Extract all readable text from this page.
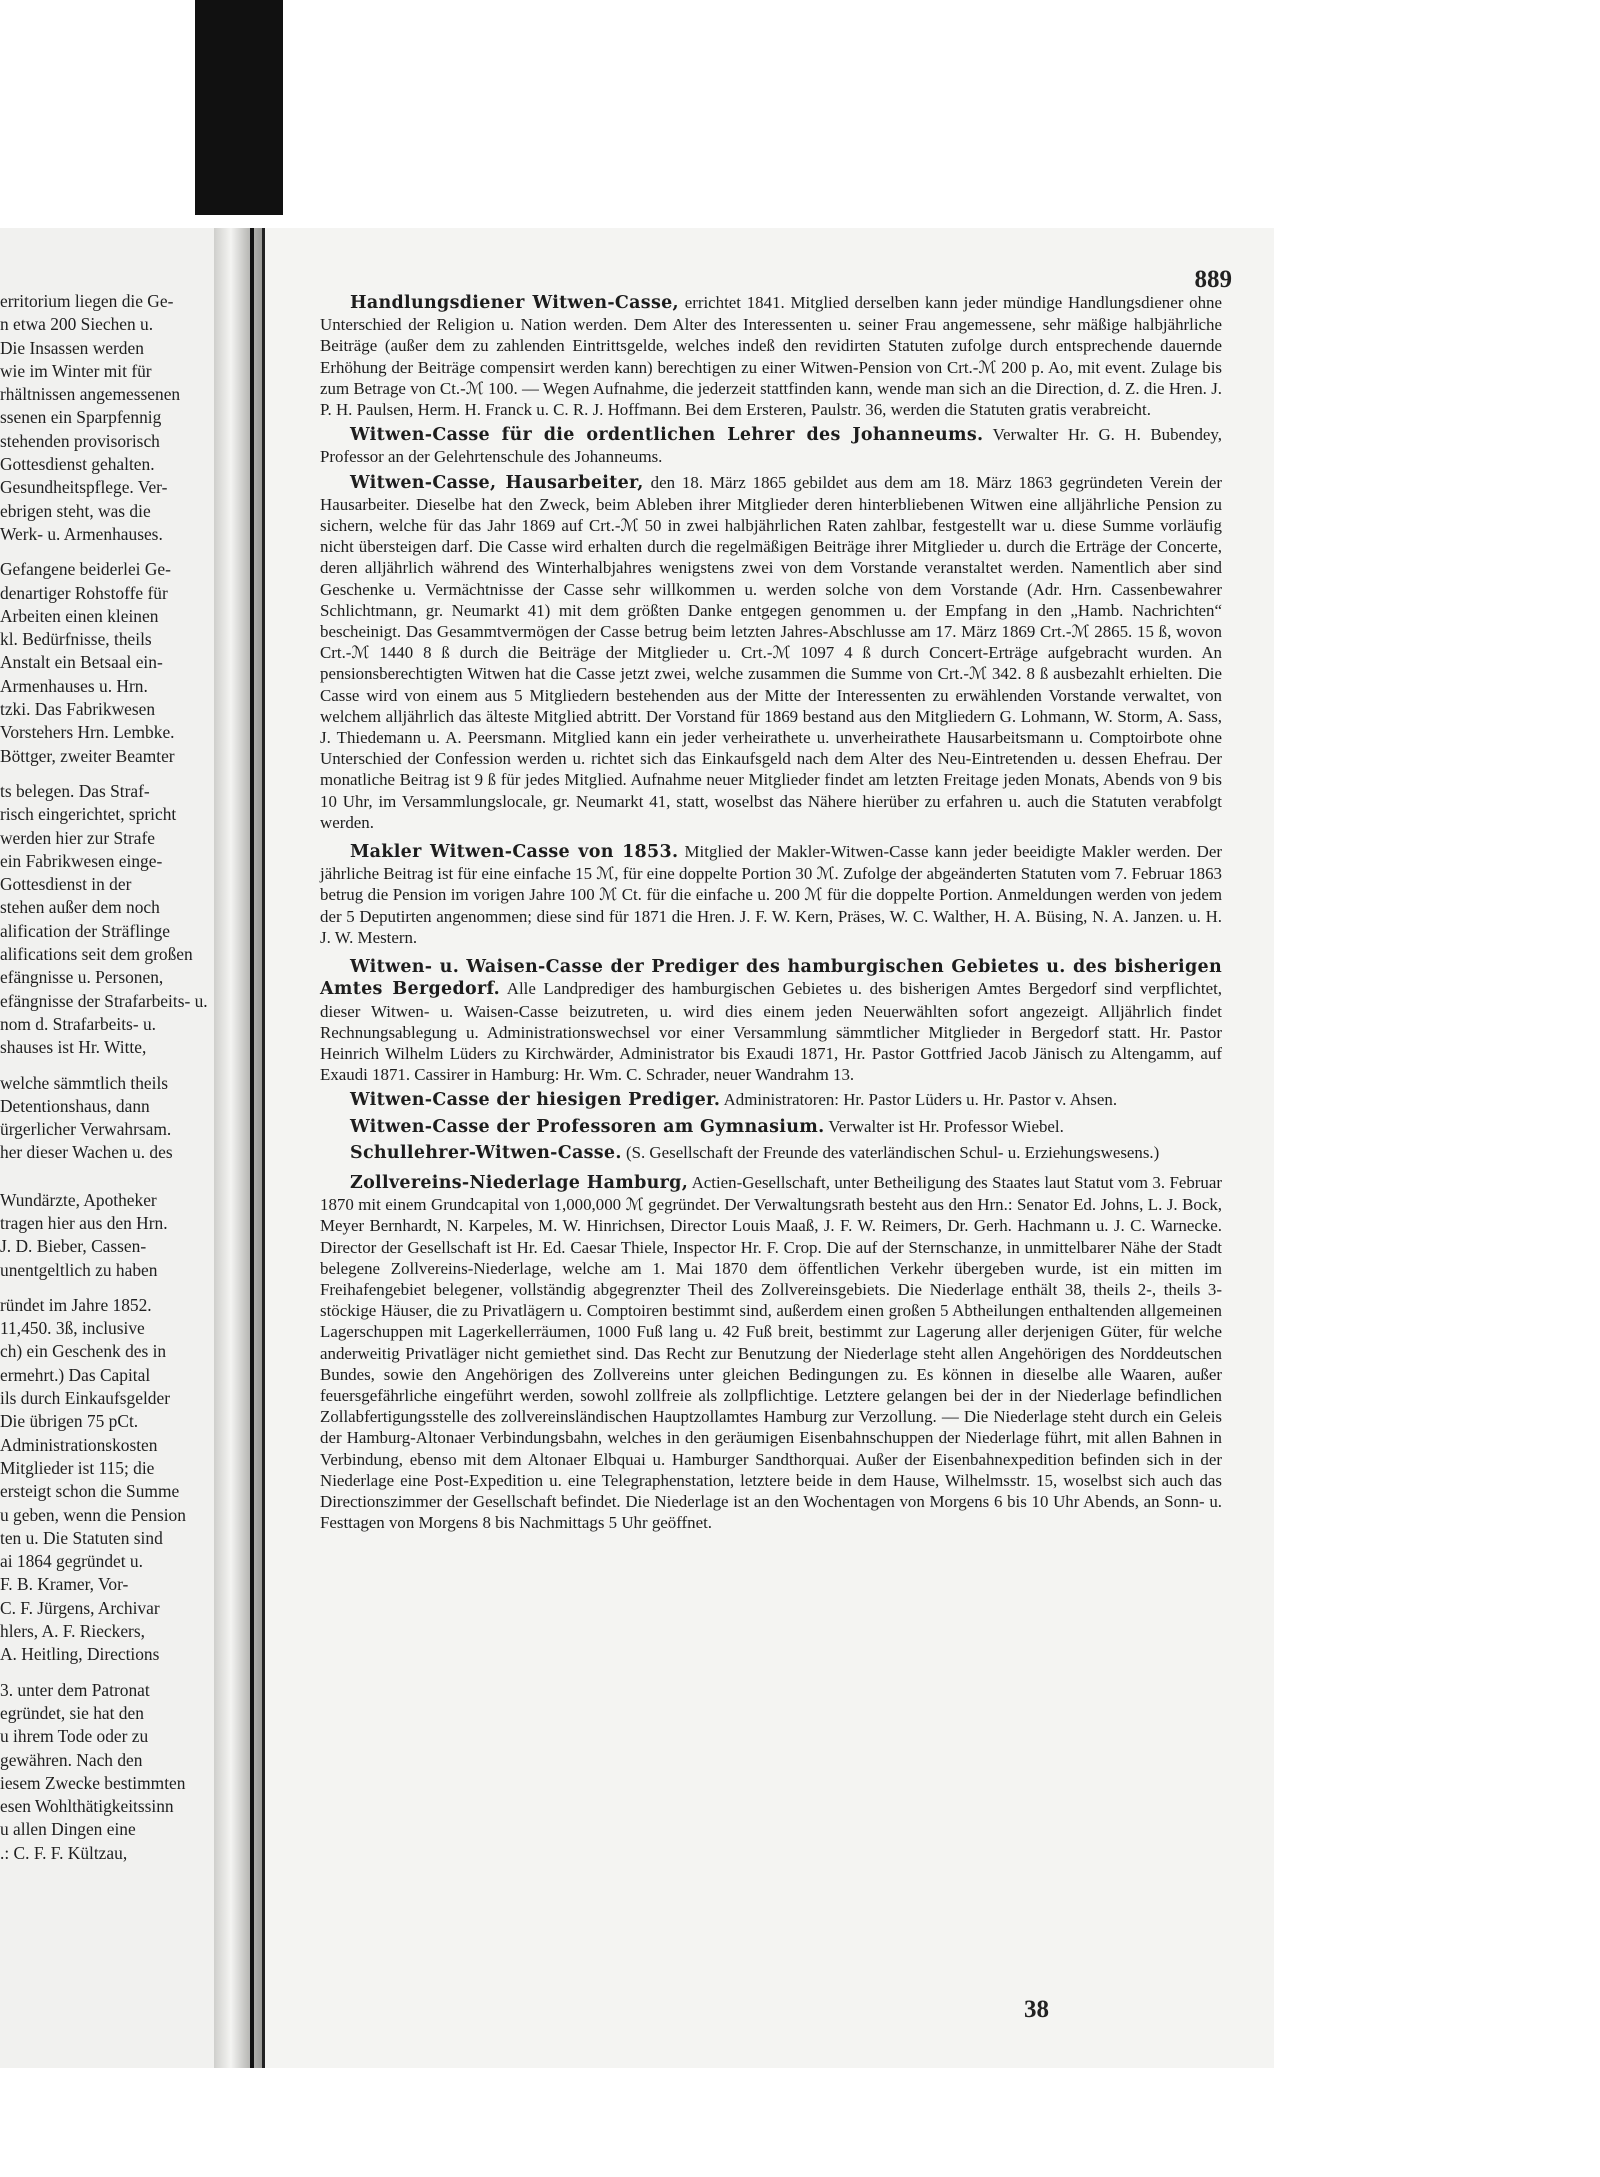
erritorium liegen die Ge-
n etwa 200 Siechen u.
Die Insassen werden
wie im Winter mit für
rhältnissen angemessenen
ssenen ein Sparpfennig
stehenden provisorisch
Gottesdienst gehalten.
Gesundheitspflege. Ver-
ebrigen steht, was die
Werk- u. Armenhauses.
Gefangene beiderlei Ge-
denartiger Rohstoffe für
Arbeiten einen kleinen
kl. Bedürfnisse, theils
Anstalt ein Betsaal ein-
Armenhauses u. Hrn.
tzki. Das Fabrikwesen
Vorstehers Hrn. Lembke.
Böttger, zweiter Beamter
ts belegen. Das Straf-
risch eingerichtet, spricht
werden hier zur Strafe
ein Fabrikwesen einge-
Gottesdienst in der
stehen außer dem noch
alification der Sträflinge
alifications seit dem großen
efängnisse u. Personen,
efängnisse der Strafarbeits- u.
nom d. Strafarbeits- u.
shauses ist Hr. Witte,
welche sämmtlich theils
Detentionshaus, dann
ürgerlicher Verwahrsam.
her dieser Wachen u. des
Wundärzte, Apotheker
tragen hier aus den Hrn.
J. D. Bieber, Cassen-
unentgeltlich zu haben
ründet im Jahre 1852.
11,450. 3ß, inclusive
ch) ein Geschenk des in
ermehrt.) Das Capital
ils durch Einkaufsgelder
Die übrigen 75 pCt.
Administrationskosten
Mitglieder ist 115; die
ersteigt schon die Summe
u geben, wenn die Pension
ten u. Die Statuten sind
ai 1864 gegründet u.
F. B. Kramer, Vor-
C. F. Jürgens, Archivar
hlers, A. F. Rieckers,
A. Heitling, Directions
3. unter dem Patronat
egründet, sie hat den
u ihrem Tode oder zu
gewähren. Nach den
iesem Zwecke bestimmten
esen Wohlthätigkeitssinn
u allen Dingen eine
.: C. F. F. Kültzau,
889

Handlungsdiener Witwen-Casse, errichtet 1841. Mitglied derselben kann jeder mündige Handlungsdiener ohne Unterschied der Religion u. Nation werden. Dem Alter des Interessenten u. seiner Frau angemessene, sehr mäßige halbjährliche Beiträge (außer dem zu zahlenden Eintrittsgelde, welches indeß den revidirten Statuten zufolge durch entsprechende dauernde Erhöhung der Beiträge compensirt werden kann) berechtigen zu einer Witwen-Pension von Crt.-ℳ 200 p. Ao, mit event. Zulage bis zum Betrage von Ct.-ℳ 100. — Wegen Aufnahme, die jederzeit stattfinden kann, wende man sich an die Direction, d. Z. die Hren. J. P. H. Paulsen, Herm. H. Franck u. C. R. J. Hoffmann. Bei dem Ersteren, Paulstr. 36, werden die Statuten gratis verabreicht.

Witwen-Casse für die ordentlichen Lehrer des Johanneums. Verwalter Hr. G. H. Bubendey, Professor an der Gelehrtenschule des Johanneums.

Witwen-Casse, Hausarbeiter, den 18. März 1865 gebildet aus dem am 18. März 1863 gegründeten Verein der Hausarbeiter. Dieselbe hat den Zweck, beim Ableben ihrer Mitglieder deren hinterbliebenen Witwen eine alljährliche Pension zu sichern, welche für das Jahr 1869 auf Crt.-ℳ 50 in zwei halbjährlichen Raten zahlbar, festgestellt war u. diese Summe vorläufig nicht übersteigen darf. Die Casse wird erhalten durch die regelmäßigen Beiträge ihrer Mitglieder u. durch die Erträge der Concerte, deren alljährlich während des Winterhalbjahres wenigstens zwei von dem Vorstande veranstaltet werden. Namentlich aber sind Geschenke u. Vermächtnisse der Casse sehr willkommen u. werden solche von dem Vorstande (Adr. Hrn. Cassenbewahrer Schlichtmann, gr. Neumarkt 41) mit dem größten Danke entgegen genommen u. der Empfang in den „Hamb. Nachrichten“ bescheinigt. Das Gesammtvermögen der Casse betrug beim letzten Jahres-Abschlusse am 17. März 1869 Crt.-ℳ 2865. 15 ß, wovon Crt.-ℳ 1440 8 ß durch die Beiträge der Mitglieder u. Crt.-ℳ 1097 4 ß durch Concert-Erträge aufgebracht wurden. An pensionsberechtigten Witwen hat die Casse jetzt zwei, welche zusammen die Summe von Crt.-ℳ 342. 8 ß ausbezahlt erhielten. Die Casse wird von einem aus 5 Mitgliedern bestehenden aus der Mitte der Interessenten zu erwählenden Vorstande verwaltet, von welchem alljährlich das älteste Mitglied abtritt. Der Vorstand für 1869 bestand aus den Mitgliedern G. Lohmann, W. Storm, A. Sass, J. Thiedemann u. A. Peersmann. Mitglied kann ein jeder verheirathete u. unverheirathete Hausarbeitsmann u. Comptoirbote ohne Unterschied der Confession werden u. richtet sich das Einkaufsgeld nach dem Alter des Neu-Eintretenden u. dessen Ehefrau. Der monatliche Beitrag ist 9 ß für jedes Mitglied. Aufnahme neuer Mitglieder findet am letzten Freitage jeden Monats, Abends von 9 bis 10 Uhr, im Versammlungslocale, gr. Neumarkt 41, statt, woselbst das Nähere hierüber zu erfahren u. auch die Statuten verabfolgt werden.

Makler Witwen-Casse von 1853. Mitglied der Makler-Witwen-Casse kann jeder beeidigte Makler werden. Der jährliche Beitrag ist für eine einfache 15 ℳ, für eine doppelte Portion 30 ℳ. Zufolge der abgeänderten Statuten vom 7. Februar 1863 betrug die Pension im vorigen Jahre 100 ℳ Ct. für die einfache u. 200 ℳ für die doppelte Portion. Anmeldungen werden von jedem der 5 Deputirten angenommen; diese sind für 1871 die Hren. J. F. W. Kern, Präses, W. C. Walther, H. A. Büsing, N. A. Janzen. u. H. J. W. Mestern.

Witwen- u. Waisen-Casse der Prediger des hamburgischen Gebietes u. des bisherigen Amtes Bergedorf. Alle Landprediger des hamburgischen Gebietes u. des bisherigen Amtes Bergedorf sind verpflichtet, dieser Witwen- u. Waisen-Casse beizutreten, u. wird dies einem jeden Neuerwählten sofort angezeigt. Alljährlich findet Rechnungsablegung u. Administrationswechsel vor einer Versammlung sämmtlicher Mitglieder in Bergedorf statt. Hr. Pastor Heinrich Wilhelm Lüders zu Kirchwärder, Administrator bis Exaudi 1871, Hr. Pastor Gottfried Jacob Jänisch zu Altengamm, auf Exaudi 1871. Cassirer in Hamburg: Hr. Wm. C. Schrader, neuer Wandrahm 13.

Witwen-Casse der hiesigen Prediger. Administratoren: Hr. Pastor Lüders u. Hr. Pastor v. Ahsen.

Witwen-Casse der Professoren am Gymnasium. Verwalter ist Hr. Professor Wiebel.

Schullehrer-Witwen-Casse. (S. Gesellschaft der Freunde des vaterländischen Schul- u. Erziehungswesens.)

Zollvereins-Niederlage Hamburg, Actien-Gesellschaft, unter Betheiligung des Staates laut Statut vom 3. Februar 1870 mit einem Grundcapital von 1,000,000 ℳ gegründet. Der Verwaltungsrath besteht aus den Hrn.: Senator Ed. Johns, L. J. Bock, Meyer Bernhardt, N. Karpeles, M. W. Hinrichsen, Director Louis Maaß, J. F. W. Reimers, Dr. Gerh. Hachmann u. J. C. Warnecke. Director der Gesellschaft ist Hr. Ed. Caesar Thiele, Inspector Hr. F. Crop. Die auf der Sternschanze, in unmittelbarer Nähe der Stadt belegene Zollvereins-Niederlage, welche am 1. Mai 1870 dem öffentlichen Verkehr übergeben wurde, ist ein mitten im Freihafengebiet belegener, vollständig abgegrenzter Theil des Zollvereinsgebiets. Die Niederlage enthält 38, theils 2-, theils 3-stöckige Häuser, die zu Privatlägern u. Comptoiren bestimmt sind, außerdem einen großen 5 Abtheilungen enthaltenden allgemeinen Lagerschuppen mit Lagerkellerräumen, 1000 Fuß lang u. 42 Fuß breit, bestimmt zur Lagerung aller derjenigen Güter, für welche anderweitig Privatläger nicht gemiethet sind. Das Recht zur Benutzung der Niederlage steht allen Angehörigen des Norddeutschen Bundes, sowie den Angehörigen des Zollvereins unter gleichen Bedingungen zu. Es können in dieselbe alle Waaren, außer feuersgefährliche eingeführt werden, sowohl zollfreie als zollpflichtige. Letztere gelangen bei der in der Niederlage befindlichen Zollabfertigungsstelle des zollvereinsländischen Hauptzollamtes Hamburg zur Verzollung. — Die Niederlage steht durch ein Geleis der Hamburg-Altonaer Verbindungsbahn, welches in den geräumigen Eisenbahnschuppen der Niederlage führt, mit allen Bahnen in Verbindung, ebenso mit dem Altonaer Elbquai u. Hamburger Sandthorquai. Außer der Eisenbahnexpedition befinden sich in der Niederlage eine Post-Expedition u. eine Telegraphenstation, letztere beide in dem Hause, Wilhelmsstr. 15, woselbst sich auch das Directionszimmer der Gesellschaft befindet. Die Niederlage ist an den Wochentagen von Morgens 6 bis 10 Uhr Abends, an Sonn- u. Festtagen von Morgens 8 bis Nachmittags 5 Uhr geöffnet.

38
